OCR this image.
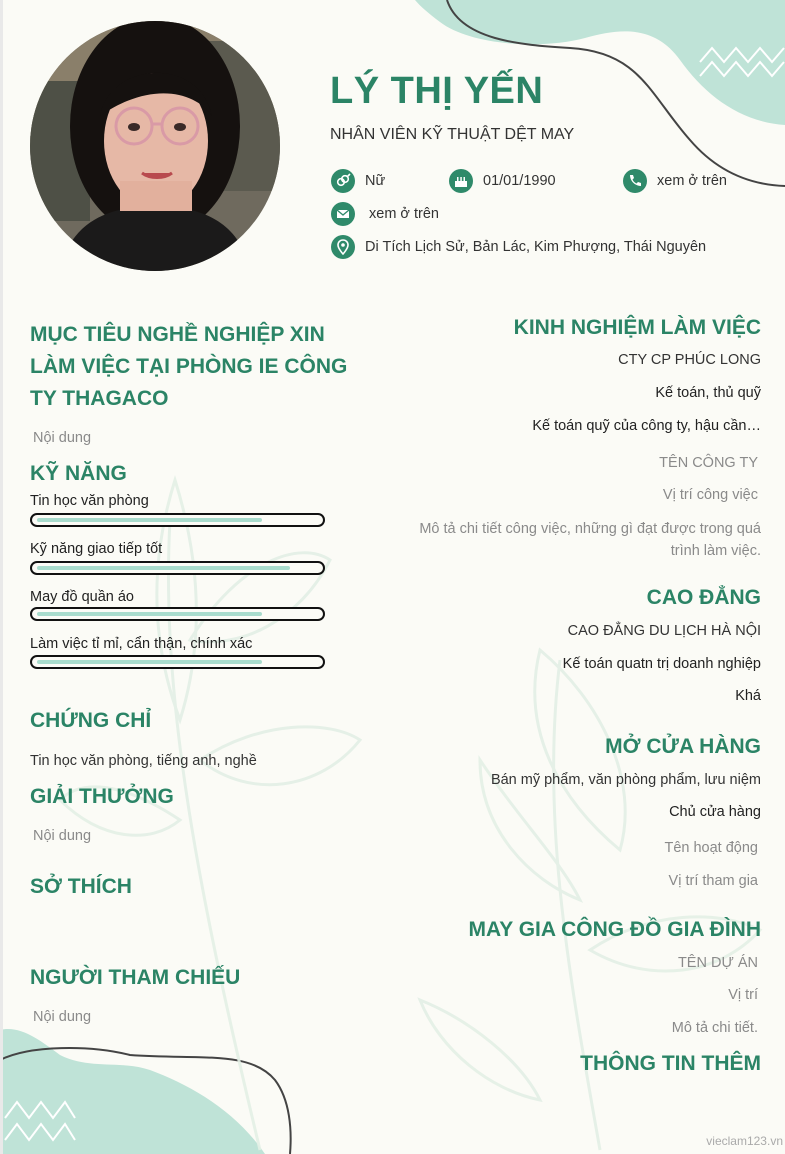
LÝ THỊ YẾN
NHÂN VIÊN KỸ THUẬT DỆT MAY
Nữ	01/01/1990	xem ở trên
xem ở trên
Di Tích Lịch Sử, Bản Lác, Kim Phượng, Thái Nguyên
MỤC TIÊU NGHỀ NGHIỆP XIN
LÀM VIỆC TẠI PHÒNG IE CÔNG
TY THAGACO
Nội dung
KỸ NĂNG
Tin học văn phòng
Kỹ năng giao tiếp tốt
May đồ quần áo
Làm việc tỉ mỉ, cẩn thận, chính xác
CHỨNG CHỈ
Tin học văn phòng, tiếng anh, nghề
GIẢI THƯỞNG
Nội dung
SỞ THÍCH
NGƯỜI THAM CHIẾU
Nội dung
KINH NGHIỆM LÀM VIỆC
CTY CP PHÚC LONG
Kế toán, thủ quỹ
Kế toán quỹ của công ty, hậu cần…
TÊN CÔNG TY
Vị trí công việc
Mô tả chi tiết công việc, những gì đạt được trong quá
trình làm việc.
CAO ĐẲNG
CAO ĐẲNG DU LỊCH HÀ NỘI
Kế toán quatn trị doanh nghiệp
Khá
MỞ CỬA HÀNG
Bán mỹ phẩm, văn phòng phẩm, lưu niệm
Chủ cửa hàng
Tên hoạt động
Vị trí tham gia
MAY GIA CÔNG ĐỒ GIA ĐÌNH
TÊN DỰ ÁN
Vị trí
Mô tả chi tiết.
THÔNG TIN THÊM
vieclam123.vn
